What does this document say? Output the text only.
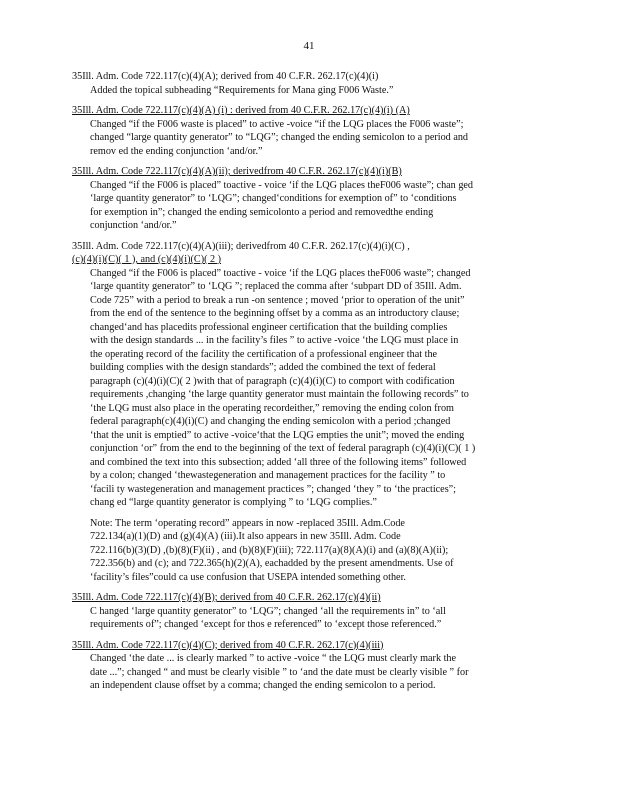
41
35Ill. Adm. Code 722.117(c)(4)(A); derived from 40 C.F.R. 262.17(c)(4)(i)
Added the topical subheading “Requirements for Mana ging F006 Waste.”
35Ill. Adm. Code 722.117(c)(4)(A) (i) : derived from 40 C.F.R. 262.17(c)(4)(i) (A)
Changed “if the F006 waste is placed” to active -voice “if the LQG places the F006 waste”;
changed “large quantity generator” to “LQG”; changed the ending semicolon to a period and
remov ed the ending conjunction ‘and/or.”
35Ill. Adm. Code 722.117(c)(4)(A)(ii); derivedfrom 40 C.F.R. 262.17(c)(4)(i)(B)
Changed “if the F006 is placed” toactive - voice ‘if the LQG places theF006 waste”; chan ged
‘large quantity generator” to ‘LQG”; changed‘conditions for exemption of” to ‘conditions
for exemption in”; changed the ending semicolonto a period and removedthe ending
conjunction ‘and/or.”
35Ill. Adm. Code 722.117(c)(4)(A)(iii); derivedfrom 40 C.F.R. 262.17(c)(4)(i)(C) ,
(c)(4)(i)(C)( 1 ), and (c)(4)(i)(C)( 2 )
Changed “if the F006 is placed” toactive - voice ‘if the LQG places theF006 waste”; changed
‘large quantity generator” to ‘LQG ”; replaced the comma after ‘subpart DD of 35Ill. Adm.
Code 725” with a period to break a run -on sentence ; moved ‘prior to operation of the unit”
from the end of the sentence to the beginning offset by a comma as an introductory clause;
changed‘and has placedits professional engineer certification that the building complies
with the design standards ... in the facility’s files ” to active -voice ‘the LQG must place in
the operating record of the facility the certification of a professional engineer that the
building complies with the design standards”; added the combined the text of federal
paragraph (c)(4)(i)(C)( 2 )with that of paragraph (c)(4)(i)(C) to comport with codification
requirements ,changing ‘the large quantity generator must maintain the following records” to
‘the LQG must also place in the operating recordeither,” removing the ending colon from
federal paragraph(c)(4)(i)(C) and changing the ending semicolon with a period ;changed
‘that the unit is emptied” to active -voice‘that the LQG empties the unit”; moved the ending
conjunction ‘or” from the end to the beginning of the text of federal paragraph (c)(4)(i)(C)( 1 )
and combined the text into this subsection; added ‘all three of the following items” followed
by a colon; changed ‘thewastegeneration and management practices for the facility ” to
‘facili ty wastegeneration and management practices ”; changed ‘they ” to ‘the practices”;
chang ed “large quantity generator is complying ” to ‘LQG complies.”
Note: The term ‘operating record” appears in now -replaced 35Ill. Adm.Code
722.134(a)(1)(D) and (g)(4)(A) (iii).It also appears in new 35Ill. Adm. Code
722.116(b)(3)(D) ,(b)(8)(F)(ii) , and (b)(8)(F)(iii); 722.117(a)(8)(A)(i) and (a)(8)(A)(ii);
722.356(b) and (c); and 722.365(h)(2)(A), eachadded by the present amendments. Use of
‘facility’s files”could ca use confusion that USEPA intended something other.
35Ill. Adm. Code 722.117(c)(4)(B); derived from 40 C.F.R. 262.17(c)(4)(ii)
C hanged ‘large quantity generator” to ‘LQG”; changed ‘all the requirements in” to ‘all
requirements of”; changed ‘except for thos e referenced” to ‘except those referenced.”
35Ill. Adm. Code 722.117(c)(4)(C); derived from 40 C.F.R. 262.17(c)(4)(iii)
Changed ‘the date ... is clearly marked ” to active -voice “ the LQG must clearly mark the
date ...”; changed “ and must be clearly visible ” to ‘and the date must be clearly visible ” for
an independent clause offset by a comma; changed the ending semicolon to a period.
